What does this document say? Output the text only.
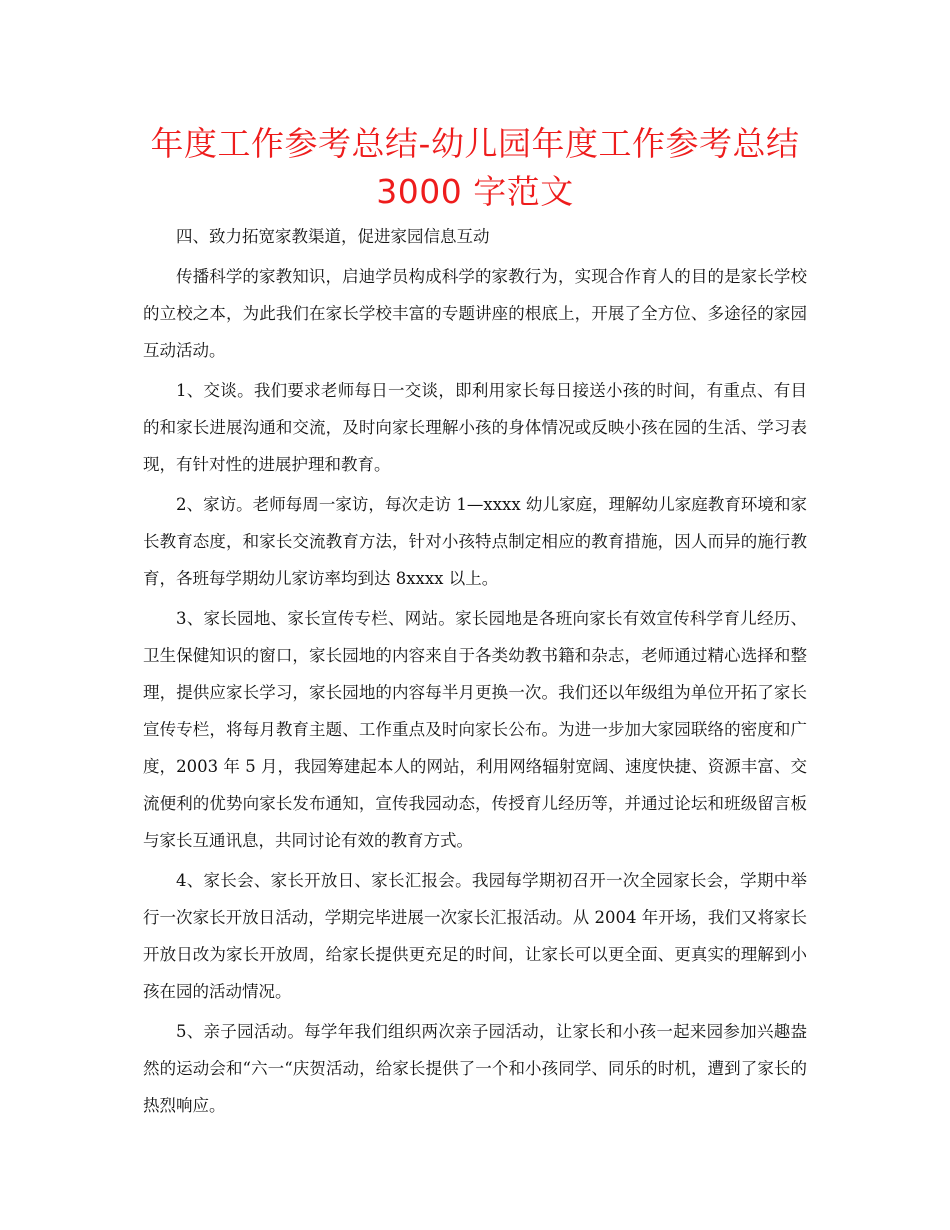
年度工作参考总结-幼儿园年度工作参考总结
3000 字范文

四、致力拓宽家教渠道，促进家园信息互动

传播科学的家教知识，启迪学员构成科学的家教行为，实现合作育人的目的是家长学校的立校之本，为此我们在家长学校丰富的专题讲座的根底上，开展了全方位、多途径的家园互动活动。

1、交谈。我们要求老师每日一交谈，即利用家长每日接送小孩的时间，有重点、有目的和家长进展沟通和交流，及时向家长理解小孩的身体情况或反映小孩在园的生活、学习表现，有针对性的进展护理和教育。

2、家访。老师每周一家访，每次走访 1—xxxx 幼儿家庭，理解幼儿家庭教育环境和家长教育态度，和家长交流教育方法，针对小孩特点制定相应的教育措施，因人而异的施行教育，各班每学期幼儿家访率均到达 8xxxx 以上。

3、家长园地、家长宣传专栏、网站。家长园地是各班向家长有效宣传科学育儿经历、卫生保健知识的窗口，家长园地的内容来自于各类幼教书籍和杂志，老师通过精心选择和整理，提供应家长学习，家长园地的内容每半月更换一次。我们还以年级组为单位开拓了家长宣传专栏，将每月教育主题、工作重点及时向家长公布。为进一步加大家园联络的密度和广度，2003 年 5 月，我园筹建起本人的网站，利用网络辐射宽阔、速度快捷、资源丰富、交流便利的优势向家长发布通知，宣传我园动态，传授育儿经历等，并通过论坛和班级留言板与家长互通讯息，共同讨论有效的教育方式。

4、家长会、家长开放日、家长汇报会。我园每学期初召开一次全园家长会，学期中举行一次家长开放日活动，学期完毕进展一次家长汇报活动。从 2004 年开场，我们又将家长开放日改为家长开放周，给家长提供更充足的时间，让家长可以更全面、更真实的理解到小孩在园的活动情况。

5、亲子园活动。每学年我们组织两次亲子园活动，让家长和小孩一起来园参加兴趣盎然的运动会和“六一“庆贺活动，给家长提供了一个和小孩同学、同乐的时机，遭到了家长的热烈响应。
